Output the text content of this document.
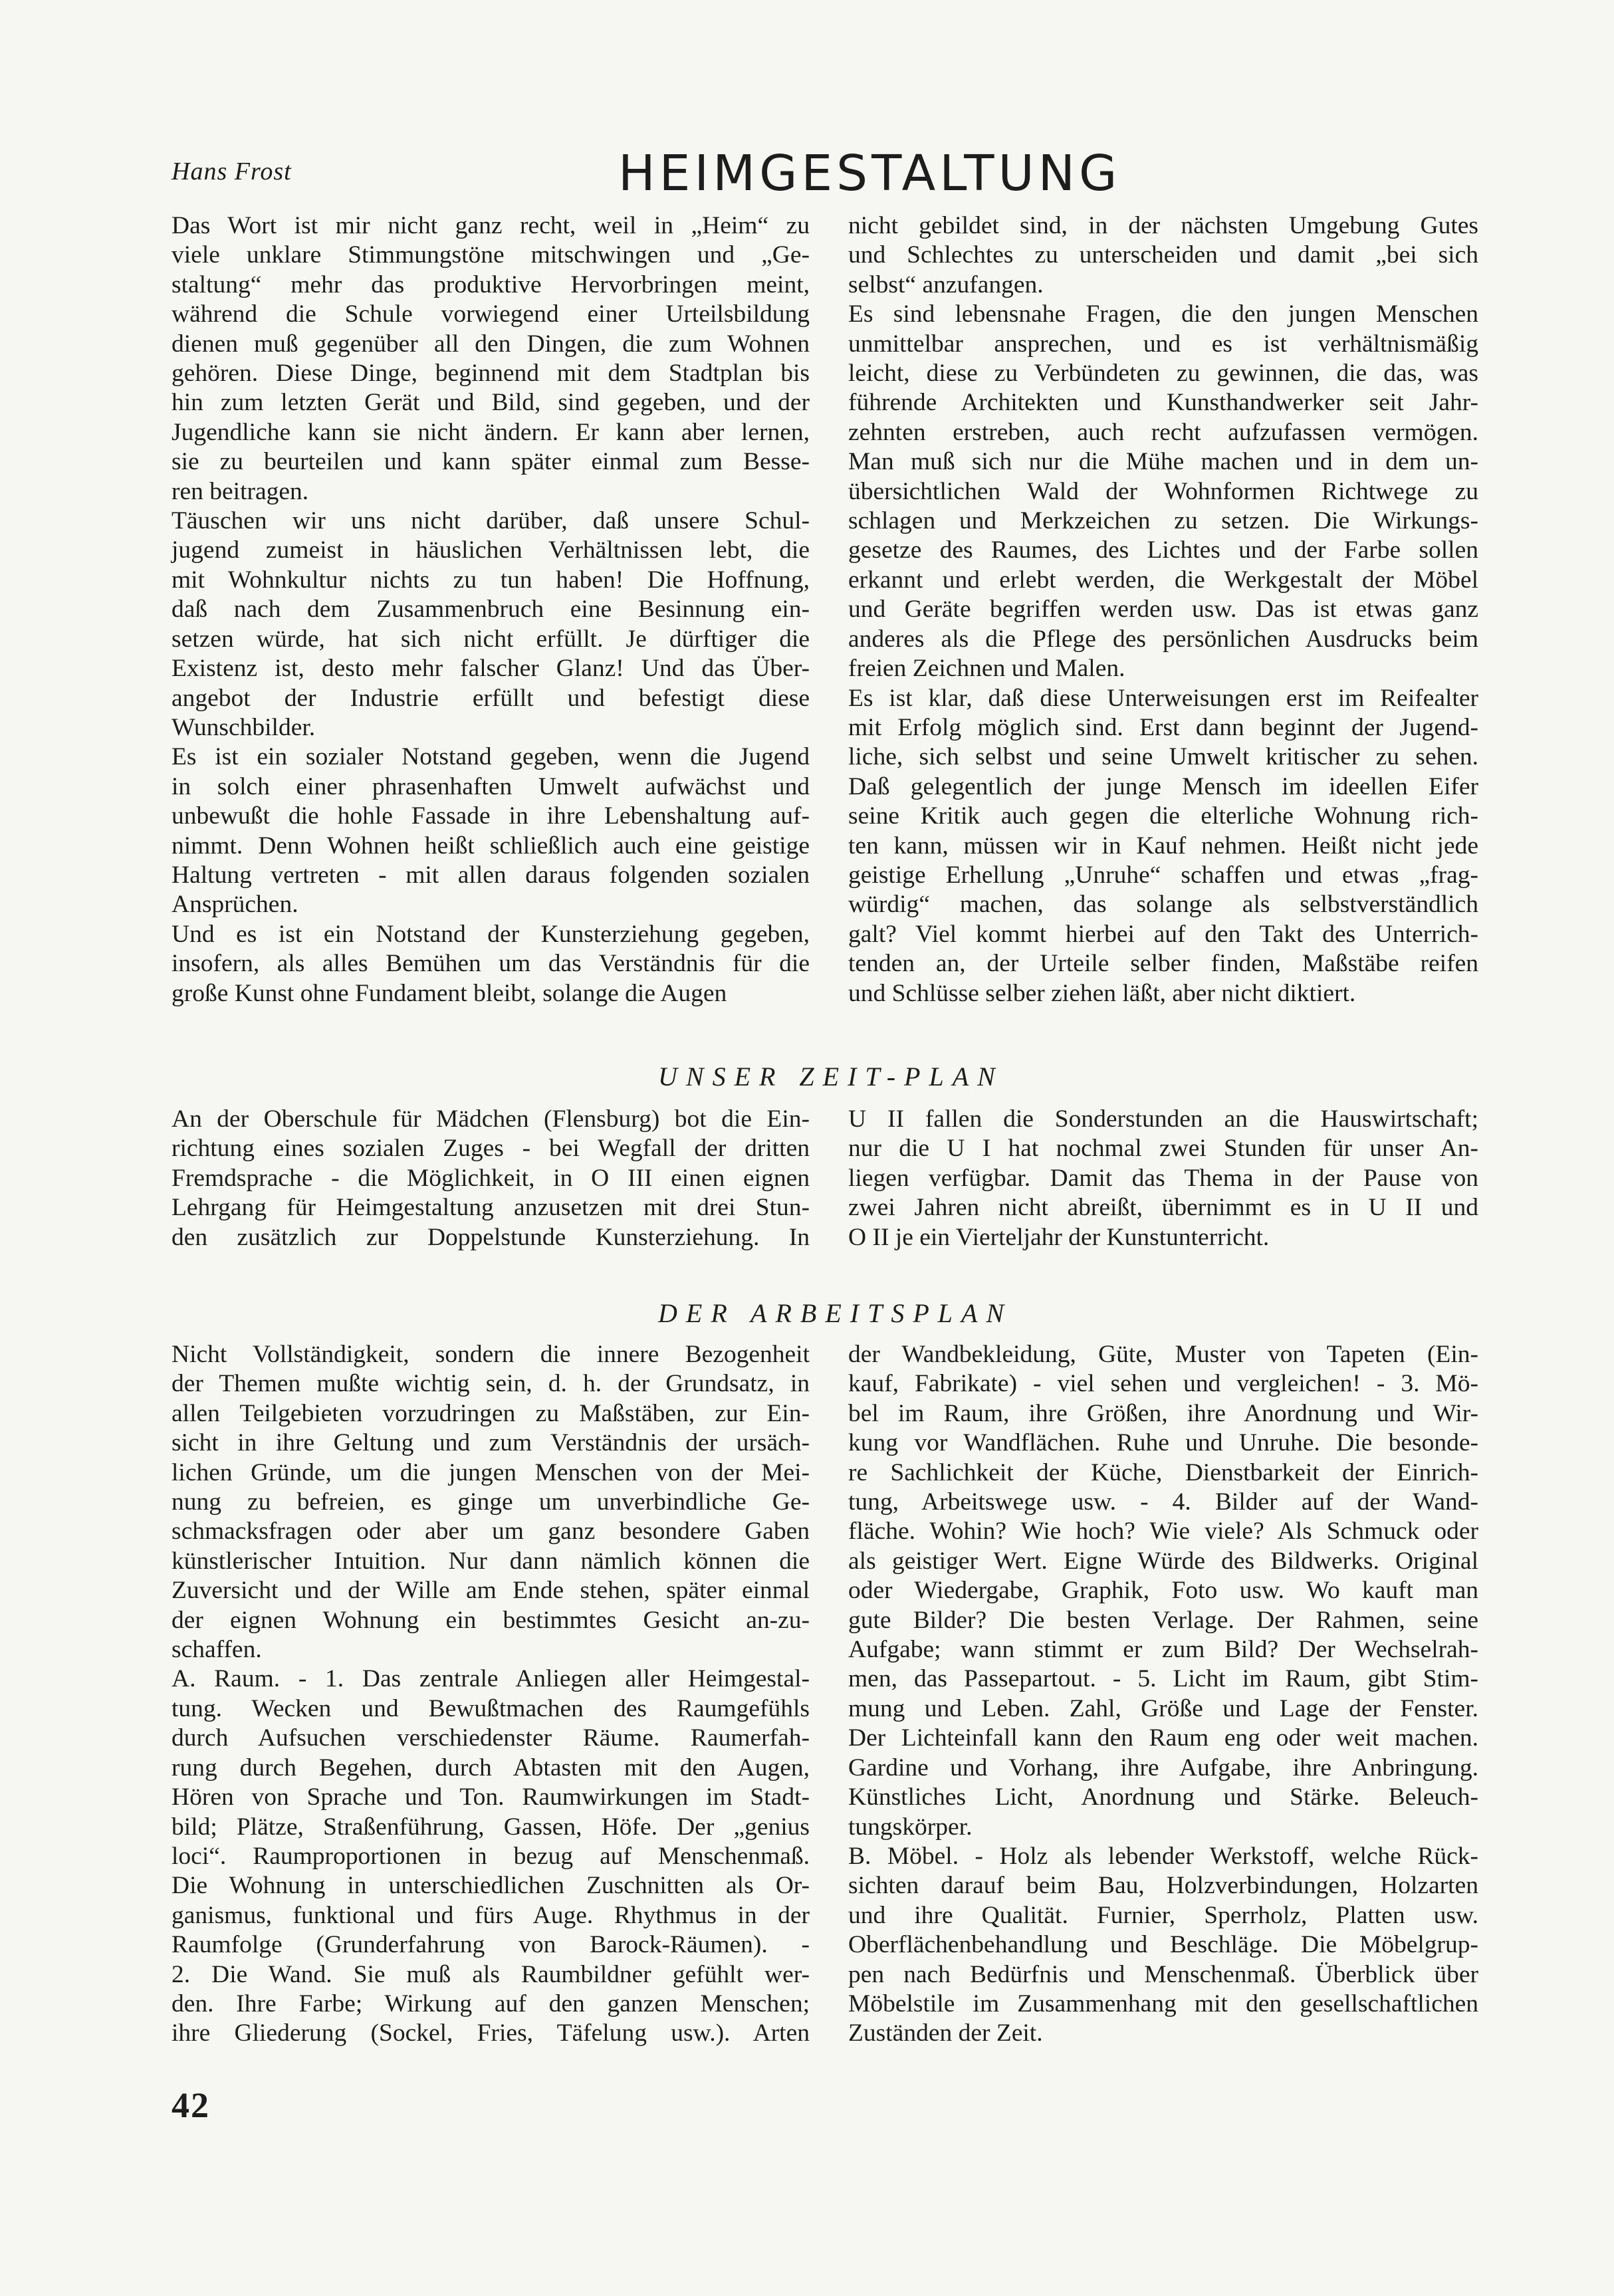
Hans Frost	HEIMGESTALTUNG
Das Wort ist mir nicht ganz recht, weil in „Heim“ zu
viele unklare Stimmungstöne mitschwingen und „Ge-
staltung“ mehr das produktive Hervorbringen meint,
während die Schule vorwiegend einer Urteilsbildung
dienen muß gegenüber all den Dingen, die zum Wohnen
gehören. Diese Dinge, beginnend mit dem Stadtplan bis
hin zum letzten Gerät und Bild, sind gegeben, und der
Jugendliche kann sie nicht ändern. Er kann aber lernen,
sie zu beurteilen und kann später einmal zum Besse-
ren beitragen.
Täuschen wir uns nicht darüber, daß unsere Schul-
jugend zumeist in häuslichen Verhältnissen lebt, die
mit Wohnkultur nichts zu tun haben! Die Hoffnung,
daß nach dem Zusammenbruch eine Besinnung ein-
setzen würde, hat sich nicht erfüllt. Je dürftiger die
Existenz ist, desto mehr falscher Glanz! Und das Über-
angebot der Industrie erfüllt und befestigt diese
Wunschbilder.
Es ist ein sozialer Notstand gegeben, wenn die Jugend
in solch einer phrasenhaften Umwelt aufwächst und
unbewußt die hohle Fassade in ihre Lebenshaltung auf-
nimmt. Denn Wohnen heißt schließlich auch eine geistige
Haltung vertreten - mit allen daraus folgenden sozialen
Ansprüchen.
Und es ist ein Notstand der Kunsterziehung gegeben,
insofern, als alles Bemühen um das Verständnis für die
große Kunst ohne Fundament bleibt, solange die Augen
nicht gebildet sind, in der nächsten Umgebung Gutes
und Schlechtes zu unterscheiden und damit „bei sich
selbst“ anzufangen.
Es sind lebensnahe Fragen, die den jungen Menschen
unmittelbar ansprechen, und es ist verhältnismäßig
leicht, diese zu Verbündeten zu gewinnen, die das, was
führende Architekten und Kunsthandwerker seit Jahr-
zehnten erstreben, auch recht aufzufassen vermögen.
Man muß sich nur die Mühe machen und in dem un-
übersichtlichen Wald der Wohnformen Richtwege zu
schlagen und Merkzeichen zu setzen. Die Wirkungs-
gesetze des Raumes, des Lichtes und der Farbe sollen
erkannt und erlebt werden, die Werkgestalt der Möbel
und Geräte begriffen werden usw. Das ist etwas ganz
anderes als die Pflege des persönlichen Ausdrucks beim
freien Zeichnen und Malen.
Es ist klar, daß diese Unterweisungen erst im Reifealter
mit Erfolg möglich sind. Erst dann beginnt der Jugend-
liche, sich selbst und seine Umwelt kritischer zu sehen.
Daß gelegentlich der junge Mensch im ideellen Eifer
seine Kritik auch gegen die elterliche Wohnung rich-
ten kann, müssen wir in Kauf nehmen. Heißt nicht jede
geistige Erhellung „Unruhe“ schaffen und etwas „frag-
würdig“ machen, das solange als selbstverständlich
galt? Viel kommt hierbei auf den Takt des Unterrich-
tenden an, der Urteile selber finden, Maßstäbe reifen
und Schlüsse selber ziehen läßt, aber nicht diktiert.
UNSER ZEIT-PLAN
An der Oberschule für Mädchen (Flensburg) bot die Ein-
richtung eines sozialen Zuges - bei Wegfall der dritten
Fremdsprache - die Möglichkeit, in O III einen eignen
Lehrgang für Heimgestaltung anzusetzen mit drei Stun-
den zusätzlich zur Doppelstunde Kunsterziehung. In
U II fallen die Sonderstunden an die Hauswirtschaft;
nur die U I hat nochmal zwei Stunden für unser An-
liegen verfügbar. Damit das Thema in der Pause von
zwei Jahren nicht abreißt, übernimmt es in U II und
O II je ein Vierteljahr der Kunstunterricht.
DER ARBEITSPLAN
Nicht Vollständigkeit, sondern die innere Bezogenheit
der Themen mußte wichtig sein, d. h. der Grundsatz, in
allen Teilgebieten vorzudringen zu Maßstäben, zur Ein-
sicht in ihre Geltung und zum Verständnis der ursäch-
lichen Gründe, um die jungen Menschen von der Mei-
nung zu befreien, es ginge um unverbindliche Ge-
schmacksfragen oder aber um ganz besondere Gaben
künstlerischer Intuition. Nur dann nämlich können die
Zuversicht und der Wille am Ende stehen, später einmal
der eignen Wohnung ein bestimmtes Gesicht an-zu-
schaffen.
A. Raum. - 1. Das zentrale Anliegen aller Heimgestal-
tung. Wecken und Bewußtmachen des Raumgefühls
durch Aufsuchen verschiedenster Räume. Raumerfah-
rung durch Begehen, durch Abtasten mit den Augen,
Hören von Sprache und Ton. Raumwirkungen im Stadt-
bild; Plätze, Straßenführung, Gassen, Höfe. Der „genius
loci“. Raumproportionen in bezug auf Menschenmaß.
Die Wohnung in unterschiedlichen Zuschnitten als Or-
ganismus, funktional und fürs Auge. Rhythmus in der
Raumfolge (Grunderfahrung von Barock-Räumen). -
2. Die Wand. Sie muß als Raumbildner gefühlt wer-
den. Ihre Farbe; Wirkung auf den ganzen Menschen;
ihre Gliederung (Sockel, Fries, Täfelung usw.). Arten
der Wandbekleidung, Güte, Muster von Tapeten (Ein-
kauf, Fabrikate) - viel sehen und vergleichen! - 3. Mö-
bel im Raum, ihre Größen, ihre Anordnung und Wir-
kung vor Wandflächen. Ruhe und Unruhe. Die besonde-
re Sachlichkeit der Küche, Dienstbarkeit der Einrich-
tung, Arbeitswege usw. - 4. Bilder auf der Wand-
fläche. Wohin? Wie hoch? Wie viele? Als Schmuck oder
als geistiger Wert. Eigne Würde des Bildwerks. Original
oder Wiedergabe, Graphik, Foto usw. Wo kauft man
gute Bilder? Die besten Verlage. Der Rahmen, seine
Aufgabe; wann stimmt er zum Bild? Der Wechselrah-
men, das Passepartout. - 5. Licht im Raum, gibt Stim-
mung und Leben. Zahl, Größe und Lage der Fenster.
Der Lichteinfall kann den Raum eng oder weit machen.
Gardine und Vorhang, ihre Aufgabe, ihre Anbringung.
Künstliches Licht, Anordnung und Stärke. Beleuch-
tungskörper.
B. Möbel. - Holz als lebender Werkstoff, welche Rück-
sichten darauf beim Bau, Holzverbindungen, Holzarten
und ihre Qualität. Furnier, Sperrholz, Platten usw.
Oberflächenbehandlung und Beschläge. Die Möbelgrup-
pen nach Bedürfnis und Menschenmaß. Überblick über
Möbelstile im Zusammenhang mit den gesellschaftlichen
Zuständen der Zeit.
42
